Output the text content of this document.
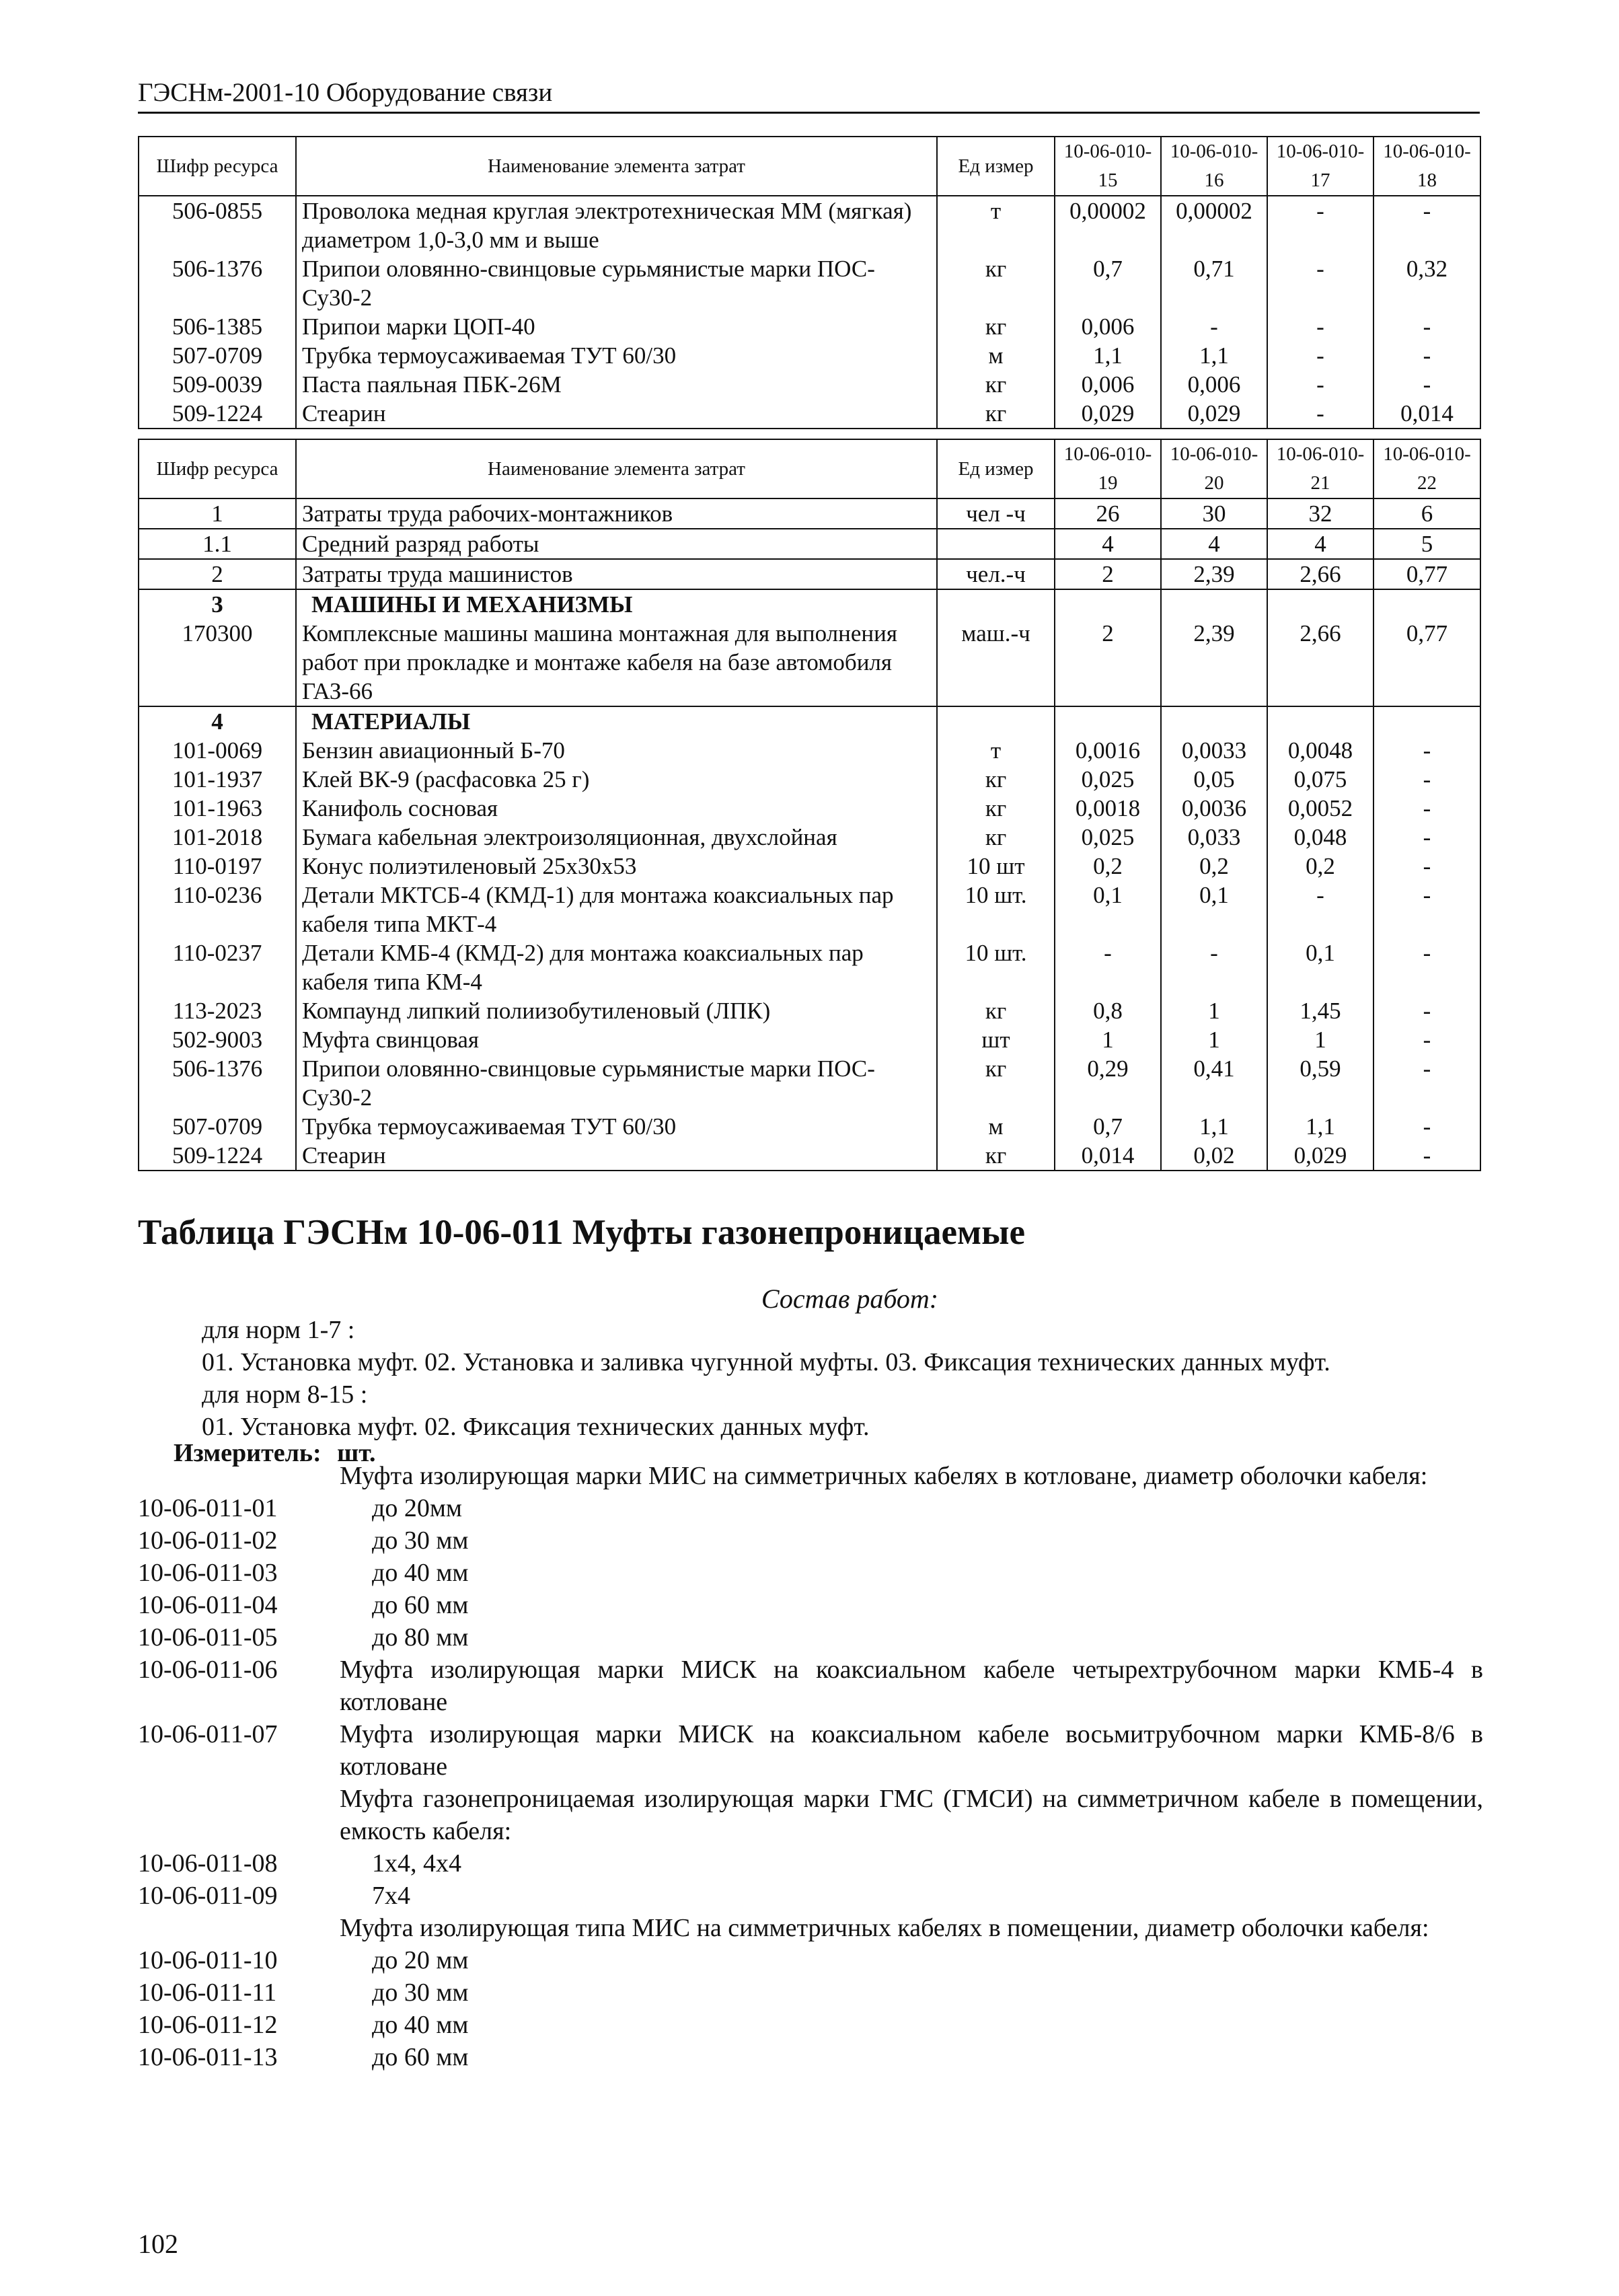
ГЭСНм-2001-10 Оборудование связи
Шифр ресурса	Наименование элемента затрат	Ед измер	10-06-010-15	10-06-010-16	10-06-010-17	10-06-010-18
506-0855	Проволока медная круглая электротехническая ММ (мягкая) диаметром 1,0-3,0 мм и выше	т	0,00002	0,00002	-	-
506-1376	Припои оловянно-свинцовые сурьмянистые марки ПОС-Су30-2	кг	0,7	0,71	-	0,32
506-1385	Припои марки ЦОП-40	кг	0,006	-	-	-
507-0709	Трубка термоусаживаемая ТУТ 60/30	м	1,1	1,1	-	-
509-0039	Паста паяльная ПБК-26М	кг	0,006	0,006	-	-
509-1224	Стеарин	кг	0,029	0,029	-	0,014
Шифр ресурса	Наименование элемента затрат	Ед измер	10-06-010-19	10-06-010-20	10-06-010-21	10-06-010-22
1	Затраты труда рабочих-монтажников	чел -ч	26	30	32	6
1.1	Средний разряд работы		4	4	4	5
2	Затраты труда машинистов	чел.-ч	2	2,39	2,66	0,77
3	МАШИНЫ И МЕХАНИЗМЫ					
170300	Комплексные машины машина монтажная для выполнения работ при прокладке и монтаже кабеля на базе автомобиля ГАЗ-66	маш.-ч	2	2,39	2,66	0,77
4	МАТЕРИАЛЫ					
101-0069	Бензин авиационный Б-70	т	0,0016	0,0033	0,0048	-
101-1937	Клей ВК-9 (расфасовка 25 г)	кг	0,025	0,05	0,075	-
101-1963	Канифоль сосновая	кг	0,0018	0,0036	0,0052	-
101-2018	Бумага кабельная электроизоляционная, двухслойная	кг	0,025	0,033	0,048	-
110-0197	Конус полиэтиленовый 25х30х53	10 шт	0,2	0,2	0,2	-
110-0236	Детали МКТСБ-4 (КМД-1) для монтажа коаксиальных пар кабеля типа МКТ-4	10 шт.	0,1	0,1	-	-
110-0237	Детали КМБ-4 (КМД-2) для монтажа коаксиальных пар кабеля типа КМ-4	10 шт.	-	-	0,1	-
113-2023	Компаунд липкий полиизобутиленовый (ЛПК)	кг	0,8	1	1,45	-
502-9003	Муфта свинцовая	шт	1	1	1	-
506-1376	Припои оловянно-свинцовые сурьмянистые марки ПОС-Су30-2	кг	0,29	0,41	0,59	-
507-0709	Трубка термоусаживаемая ТУТ 60/30	м	0,7	1,1	1,1	-
509-1224	Стеарин	кг	0,014	0,02	0,029	-
Таблица ГЭСНм 10-06-011 Муфты газонепроницаемые
Состав работ:
для норм 1-7 :
01. Установка муфт. 02. Установка и заливка чугунной муфты. 03. Фиксация технических данных муфт.
для норм 8-15 :
01. Установка муфт. 02. Фиксация технических данных муфт.
Измеритель: шт.
Муфта изолирующая марки МИС на симметричных кабелях в котловане, диаметр оболочки кабеля:
10-06-011-01	до 20мм
10-06-011-02	до 30 мм
10-06-011-03	до 40 мм
10-06-011-04	до 60 мм
10-06-011-05	до 80 мм
10-06-011-06	Муфта изолирующая марки МИСК на коаксиальном кабеле четырехтрубочном марки КМБ-4 в котловане
10-06-011-07	Муфта изолирующая марки МИСК на коаксиальном кабеле восьмитрубочном марки КМБ-8/6 в котловане
Муфта газонепроницаемая изолирующая марки ГМС (ГМСИ) на симметричном кабеле в помещении, емкость кабеля:
10-06-011-08	1х4, 4х4
10-06-011-09	7х4
Муфта изолирующая типа МИС на симметричных кабелях в помещении, диаметр оболочки кабеля:
10-06-011-10	до 20 мм
10-06-011-11	до 30 мм
10-06-011-12	до 40 мм
10-06-011-13	до 60 мм
102
